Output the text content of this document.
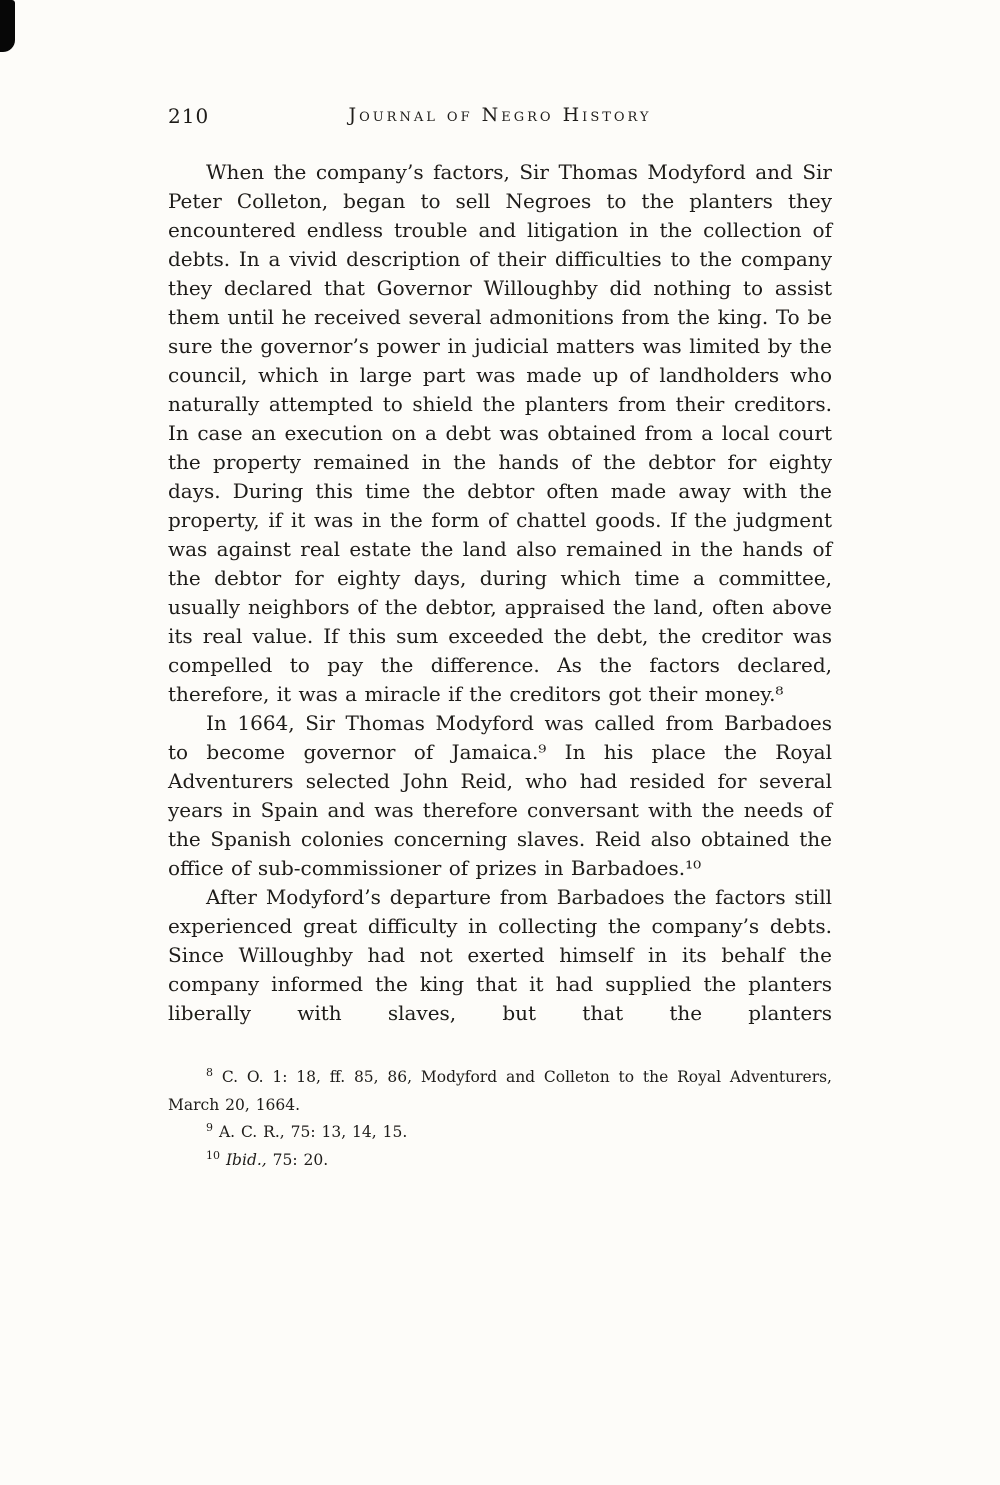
210	Journal of Negro History

When the company’s factors, Sir Thomas Modyford and Sir Peter Colleton, began to sell Negroes to the planters they encountered endless trouble and litigation in the collection of debts. In a vivid description of their difficulties to the company they declared that Governor Willoughby did nothing to assist them until he received several admonitions from the king. To be sure the governor’s power in judicial matters was limited by the council, which in large part was made up of landholders who naturally attempted to shield the planters from their creditors. In case an execution on a debt was obtained from a local court the property remained in the hands of the debtor for eighty days. During this time the debtor often made away with the property, if it was in the form of chattel goods. If the judgment was against real estate the land also remained in the hands of the debtor for eighty days, during which time a committee, usually neighbors of the debtor, appraised the land, often above its real value. If this sum exceeded the debt, the creditor was compelled to pay the difference. As the factors declared, therefore, it was a miracle if the creditors got their money.⁸

In 1664, Sir Thomas Modyford was called from Barbadoes to become governor of Jamaica.⁹ In his place the Royal Adventurers selected John Reid, who had resided for several years in Spain and was therefore conversant with the needs of the Spanish colonies concerning slaves. Reid also obtained the office of sub-commissioner of prizes in Barbadoes.¹⁰

After Modyford’s departure from Barbadoes the factors still experienced great difficulty in collecting the company’s debts. Since Willoughby had not exerted himself in its behalf the company informed the king that it had supplied the planters liberally with slaves, but that the planters

$^8$ C. O. 1: 18, ff. 85, 86, Modyford and Colleton to the Royal Adventurers, March 20, 1664.

$^9$ A. C. R., 75: 13, 14, 15.

$^{10}$ Ibid., 75: 20.
